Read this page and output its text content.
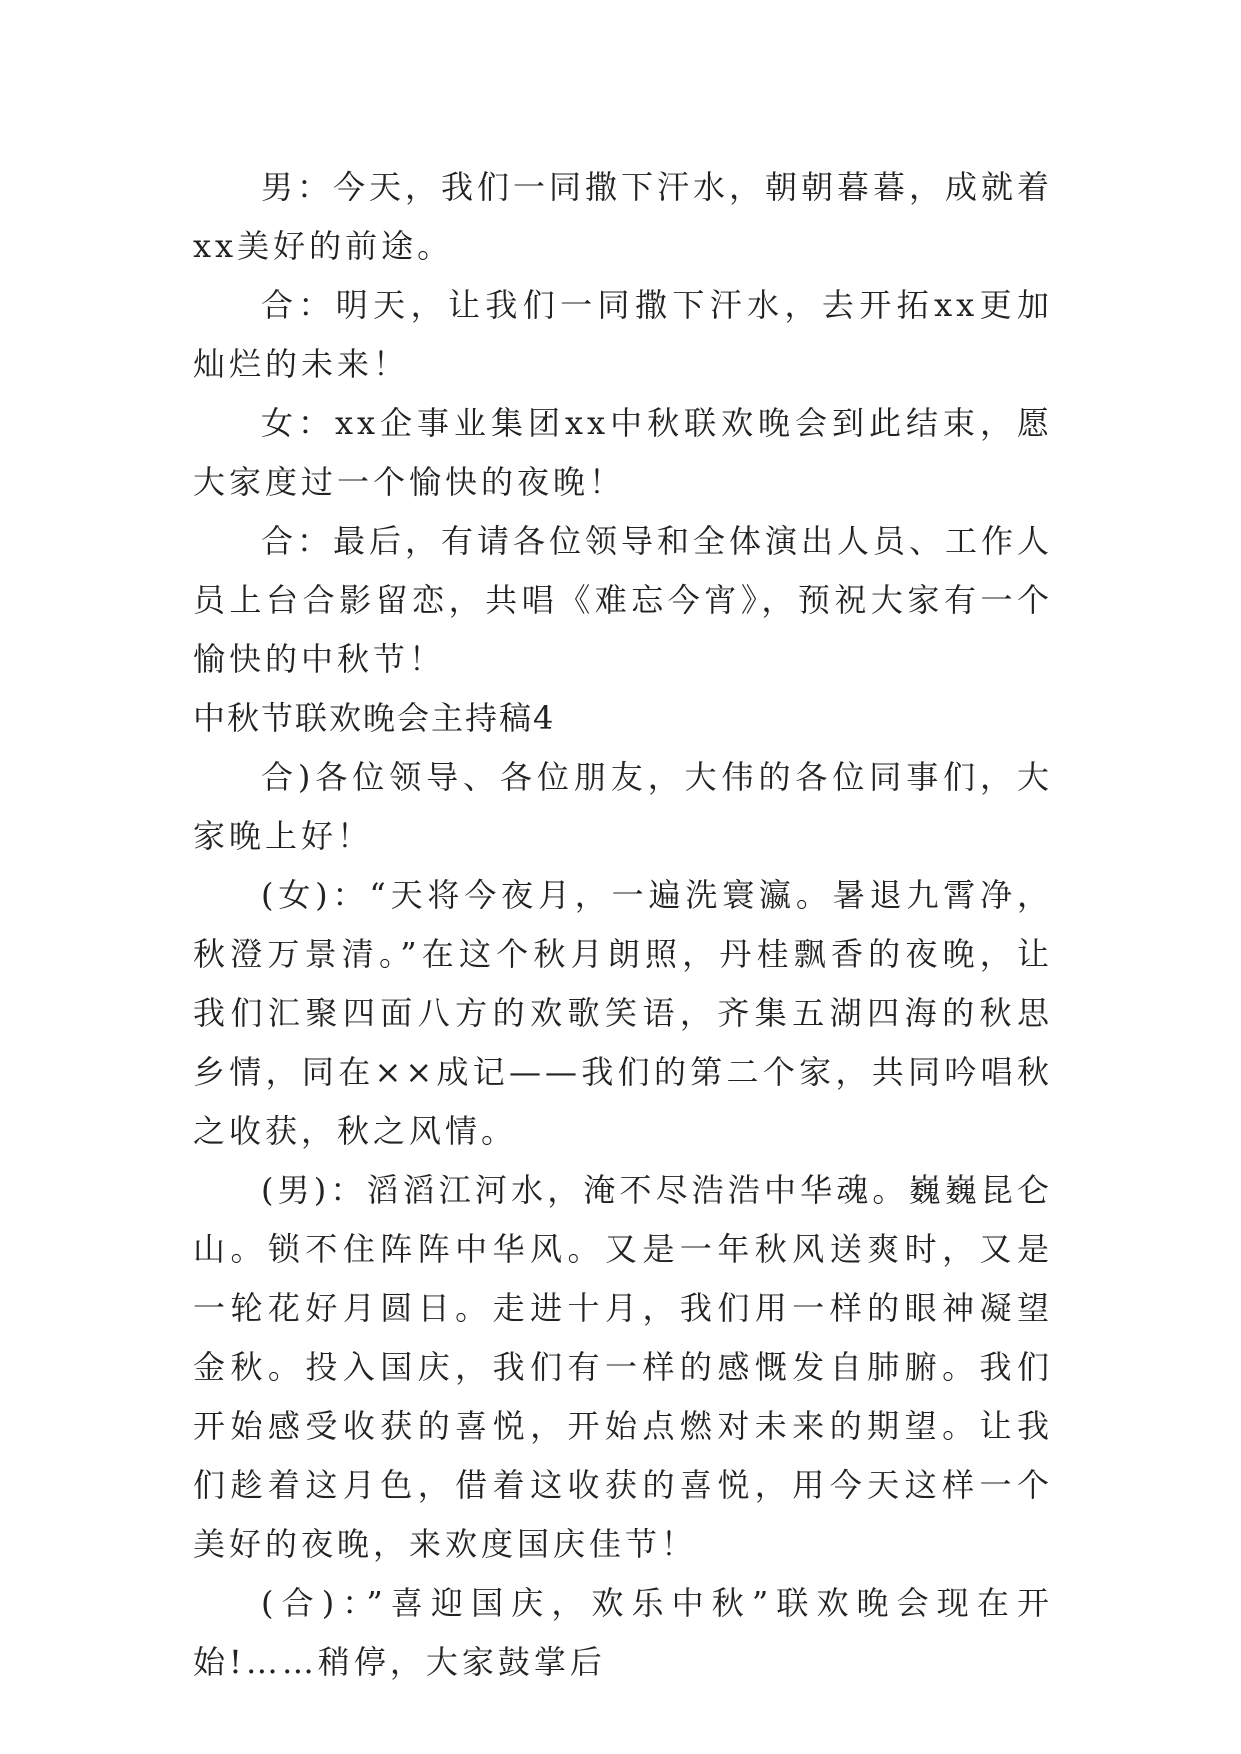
男：今天，我们一同撒下汗水，朝朝暮暮，成就着xx美好的前途。

合：明天，让我们一同撒下汗水，去开拓xx更加灿烂的未来！

女：xx企事业集团xx中秋联欢晚会到此结束，愿大家度过一个愉快的夜晚！

合：最后，有请各位领导和全体演出人员、工作人员上台合影留恋，共唱《难忘今宵》，预祝大家有一个愉快的中秋节！

中秋节联欢晚会主持稿4

合)各位领导、各位朋友，大伟的各位同事们，大家晚上好！

(女)：“天将今夜月，一遍洗寰瀛。暑退九霄净，秋澄万景清。”在这个秋月朗照，丹桂飘香的夜晚，让我们汇聚四面八方的欢歌笑语，齐集五湖四海的秋思乡情，同在××成记——我们的第二个家，共同吟唱秋之收获，秋之风情。

(男)：滔滔江河水，淹不尽浩浩中华魂。巍巍昆仑山。锁不住阵阵中华风。又是一年秋风送爽时，又是一轮花好月圆日。走进十月，我们用一样的眼神凝望金秋。投入国庆，我们有一样的感慨发自肺腑。我们开始感受收获的喜悦，开始点燃对未来的期望。让我们趁着这月色，借着这收获的喜悦，用今天这样一个美好的夜晚，来欢度国庆佳节！

(合)：”喜迎国庆，欢乐中秋”联欢晚会现在开始!……稍停，大家鼓掌后
